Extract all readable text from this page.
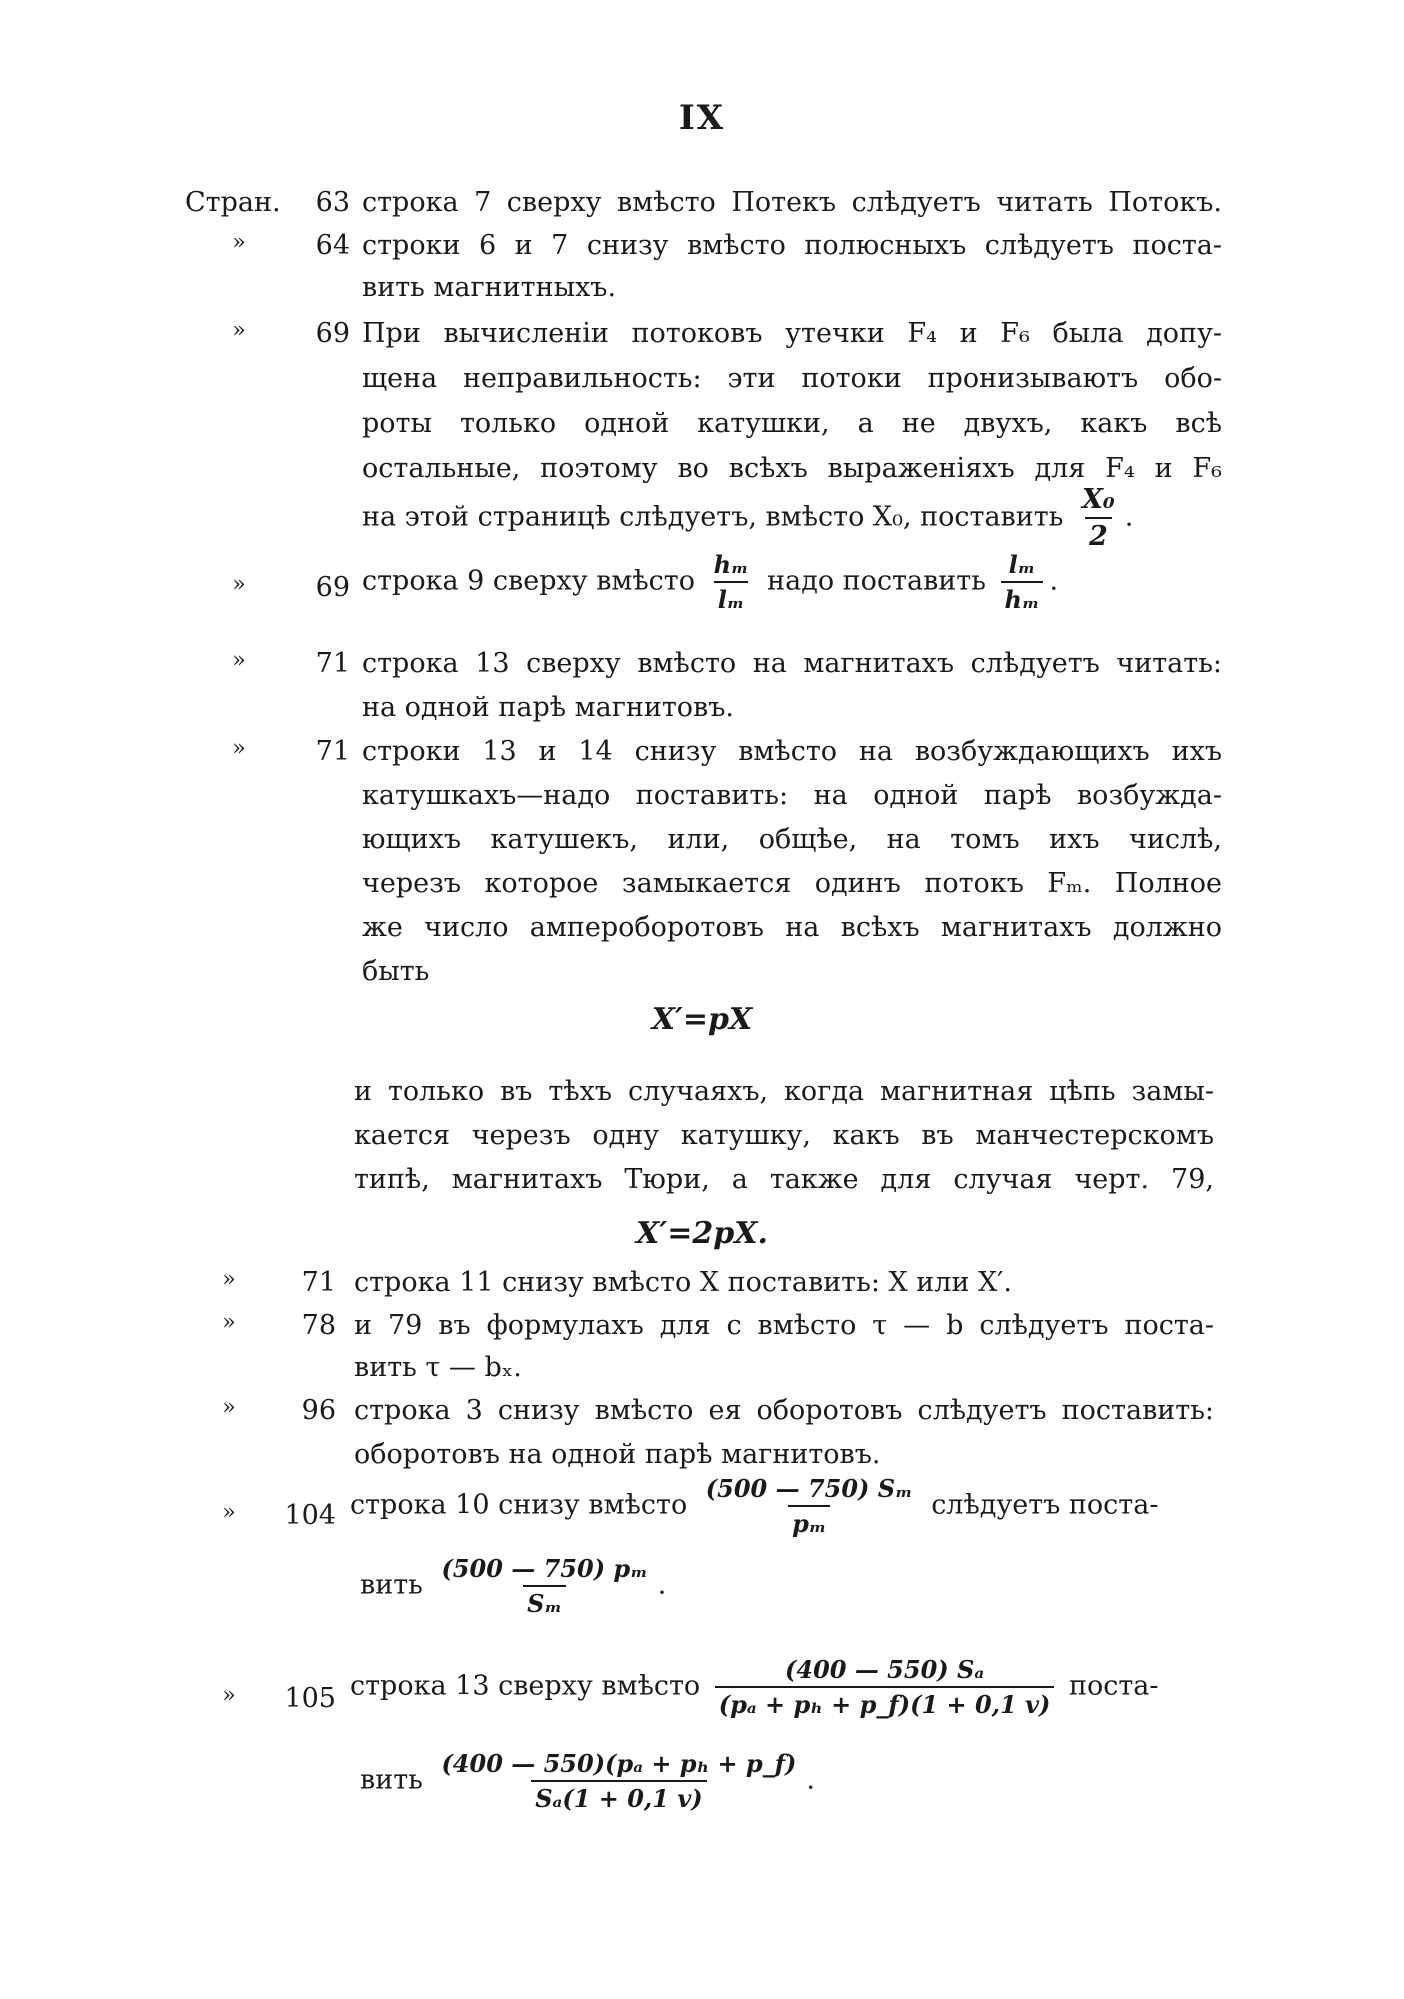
IX
Стран.	63 строка 7 сверху вмѣсто Потекъ слѣдуетъ читать Потокъ.
»	64 строки 6 и 7 снизу вмѣсто полюсныхъ слѣдуетъ поста-
вить магнитныхъ.
»	69 При вычисленіи потоковъ утечки F₄ и F₆ была допу-
щена неправильность: эти потоки пронизываютъ обо-
роты только одной катушки, а не двухъ, какъ всѣ
остальные, поэтому во всѣхъ выраженіяхъ для F₄ и F₆
на этой страницѣ слѣдуетъ, вмѣсто X₀, поставить $\frac{\text{X₀}}{2}$ .
»	69 строка 9 сверху вмѣсто $\frac{\text{hₘ}}{\text{lₘ}}$ надо поставить $\frac{\text{lₘ}}{\text{hₘ}}$ .
»	71 строка 13 сверху вмѣсто на магнитахъ слѣдуетъ читать:
на одной парѣ магнитовъ.
»	71 строки 13 и 14 снизу вмѣсто на возбуждающихъ ихъ
катушкахъ—надо поставить: на одной парѣ возбужда-
ющихъ катушекъ, или, общѣе, на томъ ихъ числѣ,
черезъ которое замыкается одинъ потокъ Fₘ. Полное
же число ампероборотовъ на всѣхъ магнитахъ должно
быть
X′=pX
и только въ тѣхъ случаяхъ, когда магнитная цѣпь замы-
кается черезъ одну катушку, какъ въ манчестерскомъ
типѣ, магнитахъ Тюри, а также для случая черт. 79,
X′=2pX.
»	71 строка 11 снизу вмѣсто X поставить: X или X′.
»	78 и 79 въ формулахъ для c вмѣсто τ — b слѣдуетъ поста-
вить τ — bₓ.
»	96 строка 3 снизу вмѣсто ея оборотовъ слѣдуетъ поставить:
оборотовъ на одной парѣ магнитовъ.
»	104 строка 10 снизу вмѣсто $\frac{\text{(500 — 750) Sₘ}}{\text{pₘ}}$ слѣдуетъ поста-
вить $\frac{\text{(500 — 750) pₘ}}{\text{Sₘ}}$ .
»	105 строка 13 сверху вмѣсто $\frac{\text{(400 — 550) Sₐ}}{\text{(pₐ + pₕ + p\_f)(1 + 0,1 v)}}$ поста-
вить $\frac{\text{(400 — 550)(pₐ + pₕ + p\_f)}}{\text{Sₐ(1 + 0,1 v)}}$ .
